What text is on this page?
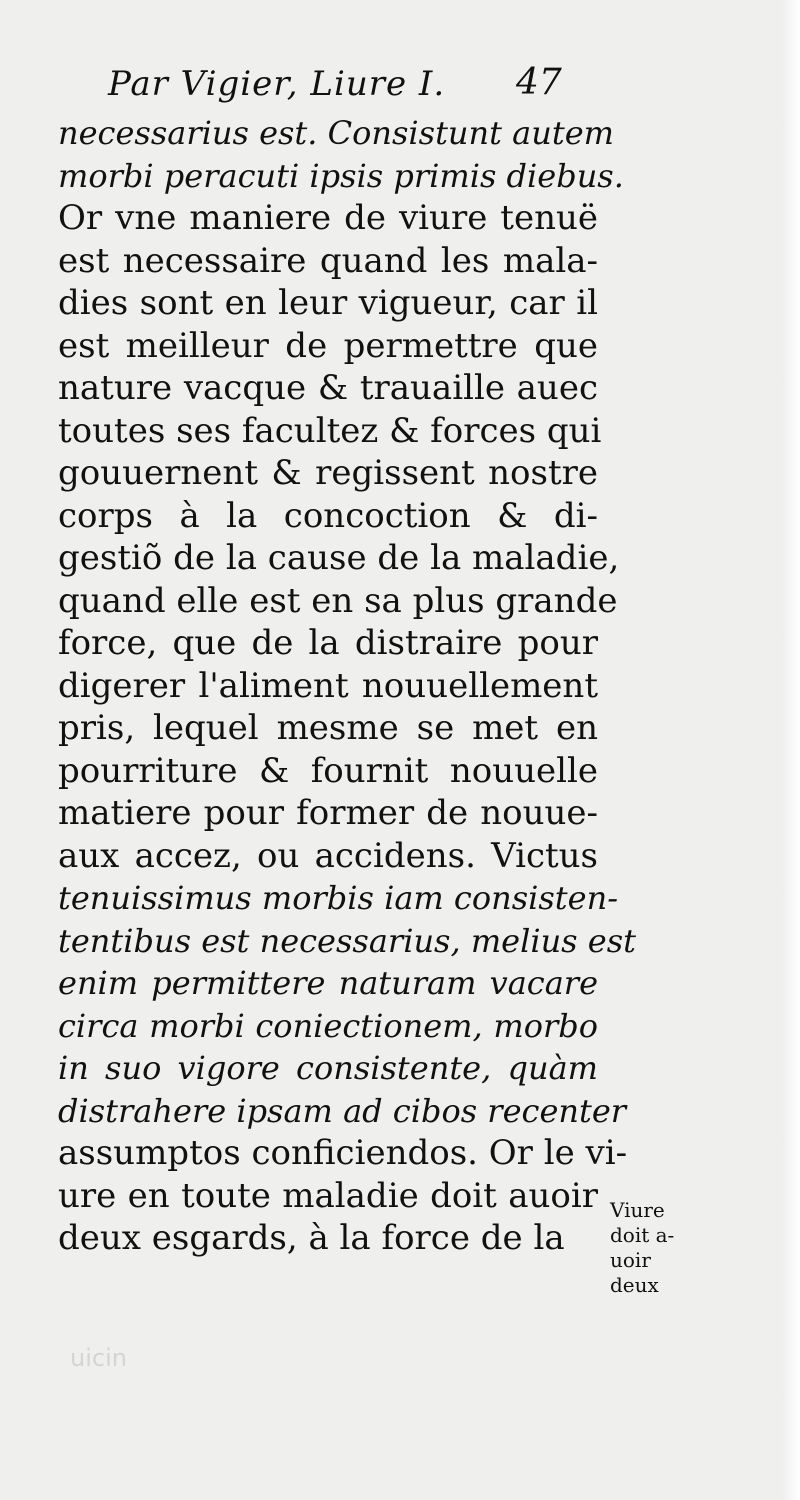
Par Vigier, Liure I.	47
necessarius est. Consistunt autem
morbi peracuti ipsis primis diebus.
Or vne maniere de viure tenuë
est necessaire quand les mala-
dies sont en leur vigueur, car il
est meilleur de permettre que
nature vacque & trauaille auec
toutes ses facultez & forces qui
gouuernent & regissent nostre
corps à la concoction & di-
gestiõ de la cause de la maladie,
quand elle est en sa plus grande
force, que de la distraire pour
digerer l'aliment nouuellement
pris, lequel mesme se met en
pourriture & fournit nouuelle
matiere pour former de nouue-
aux accez, ou accidens. Victus
tenuissimus morbis iam consisten-
tentibus est necessarius, melius est
enim permittere naturam vacare
circa morbi coniectionem, morbo
in suo vigore consistente, quàm
distrahere ipsam ad cibos recenter
assumptos conficiendos. Or le vi-
ure en toute maladie doit auoir
deux esgards, à la force de la
Viure
doit a-
uoir
deux
uicin
